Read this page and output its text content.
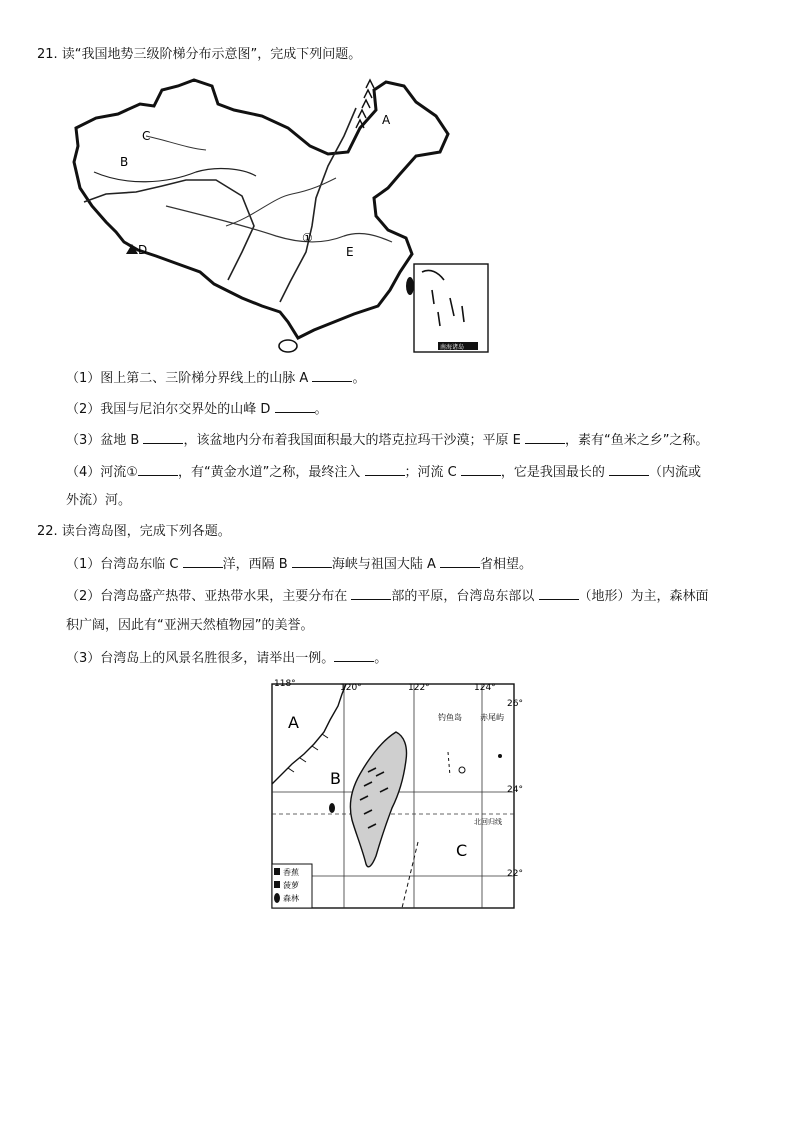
21. 读“我国地势三级阶梯分布示意图”，完成下列问题。
南海诸岛
A
B
C
D	E
①
（1）图上第二、三阶梯分界线上的山脉 A	。
（2）我国与尼泊尔交界处的山峰 D	。
（3）盆地 B	，该盆地内分布着我国面积最大的塔克拉玛干沙漠；平原 E	，素有“鱼米之乡”之称。
（4）河流①	，有“黄金水道”之称，最终注入	；河流 C	，它是我国最长的	（内流或
外流）河。
22. 读台湾岛图，完成下列各题。
（1）台湾岛东临 C	洋，西隔 B	海峡与祖国大陆 A	省相望。
（2）台湾岛盛产热带、亚热带水果，主要分布在	部的平原，台湾岛东部以	（地形）为主，森林面
积广阔，因此有“亚洲天然植物园”的美誉。
（3）台湾岛上的风景名胜很多，请举出一例。	。
118°	120°	122°	124°
26°
24°
22°
A
B
C
钓鱼岛 赤尾屿
北回归线
香蕉
菠萝
森林
